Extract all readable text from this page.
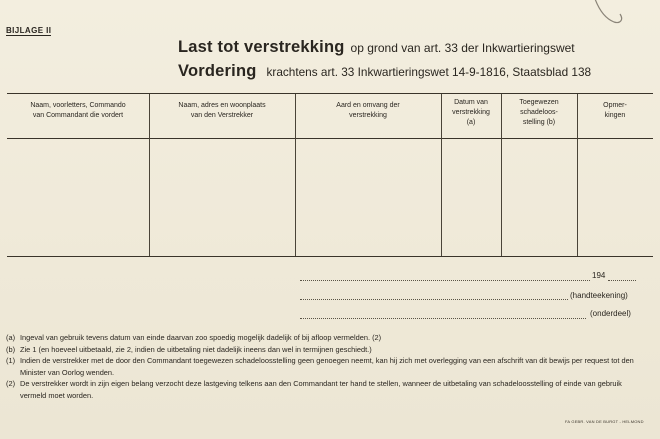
BIJLAGE II
Last tot verstrekking op grond van art. 33 der Inkwartieringswet
Vordering krachtens art. 33 Inkwartieringswet 14-9-1816, Staatsblad 138
Naam, voorletters, Commando
van Commandant die vordert
Naam, adres en woonplaats
van den Verstrekker
Aard en omvang der
verstrekking
Datum van
verstrekking
(a)
Toegewezen
schadeloos-
stelling (b)
Opmer-
kingen
194
(handteekening)
(onderdeel)
(a) Ingeval van gebruik tevens datum van einde daarvan zoo spoedig mogelijk dadelijk of bij afloop vermelden. (2)
(b) Zie 1 (en hoeveel uitbetaald, zie 2, indien de uitbetaling niet dadelijk ineens dan wel in termijnen geschiedt.)
(1) Indien de verstrekker met de door den Commandant toegewezen schadeloosstelling geen genoegen neemt, kan hij zich met overlegging van een afschrift van dit bewijs per request tot den Minister van Oorlog wenden.
(2) De verstrekker wordt in zijn eigen belang verzocht deze lastgeving telkens aan den Commandant ter hand te stellen, wanneer de uitbetaling van schadeloosstelling of einde van gebruik vermeld moet worden.
FA GEBR. VAN DE BURGT - HELMOND
